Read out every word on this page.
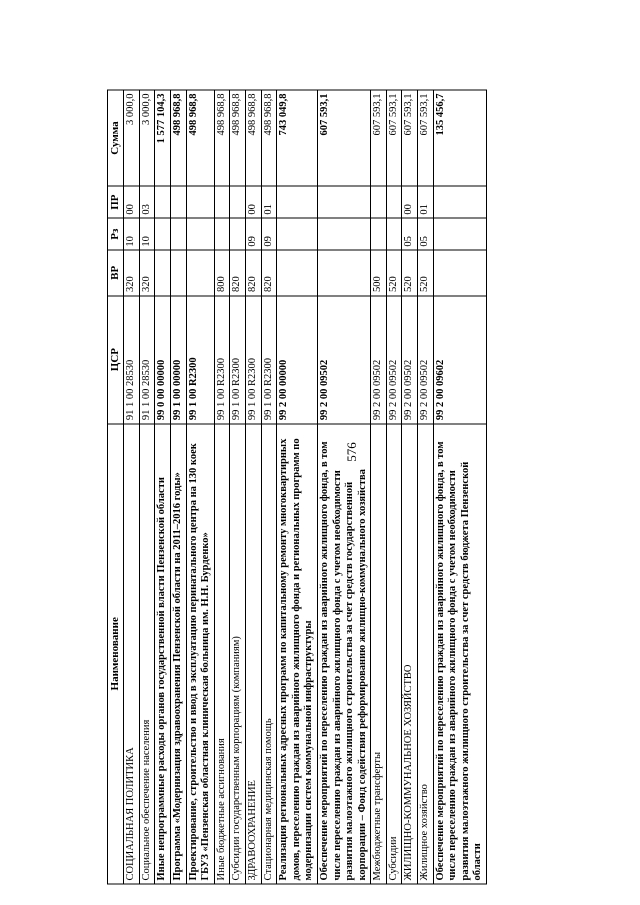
576
Наименование	ЦСР	ВР	Рз	ПР	Сумма
СОЦИАЛЬНАЯ ПОЛИТИКА	91 1 00 28530	320	10	00	3 000,0
Социальное обеспечение населения	91 1 00 28530	320	10	03	3 000,0
Иные непрограммные расходы органов государственной власти Пензенской области	99 0 00 00000				1 577 104,3
Программа «Модернизация здравоохранения Пензенской области на 2011–2016 годы»	99 1 00 00000				498 968,8
Проектирование, строительство и ввод в эксплуатацию перинатального центра на 130 коек ГБУЗ «Пензенская областная клиническая больница им. Н.Н. Бурденко»	99 1 00 R2300				498 968,8
Иные бюджетные ассигнования	99 1 00 R2300	800			498 968,8
Субсидии государственным корпорациям (компаниям)	99 1 00 R2300	820			498 968,8
ЗДРАВООХРАНЕНИЕ	99 1 00 R2300	820	09	00	498 968,8
Стационарная медицинская помощь	99 1 00 R2300	820	09	01	498 968,8
Реализация региональных адресных программ по капитальному ремонту многоквартирных домов, переселению граждан из аварийного жилищного фонда и региональных программ по модернизации систем коммунальной инфраструктуры	99 2 00 00000				743 049,8
Обеспечение мероприятий по переселению граждан из аварийного жилищного фонда, в том числе переселению граждан из аварийного жилищного фонда с учетом необходимости развития малоэтажного жилищного строительства за счет средств государственной корпорации – Фонд содействия реформированию жилищно-коммунального хозяйства	99 2 00 09502				607 593,1
Межбюджетные трансферты	99 2 00 09502	500			607 593,1
Субсидии	99 2 00 09502	520			607 593,1
ЖИЛИЩНО-КОММУНАЛЬНОЕ ХОЗЯЙСТВО	99 2 00 09502	520	05	00	607 593,1
Жилищное хозяйство	99 2 00 09502	520	05	01	607 593,1
Обеспечение мероприятий по переселению граждан из аварийного жилищного фонда, в том числе переселению граждан из аварийного жилищного фонда с учетом необходимости развития малоэтажного жилищного строительства за счет средств бюджета Пензенской области	99 2 00 09602				135 456,7
